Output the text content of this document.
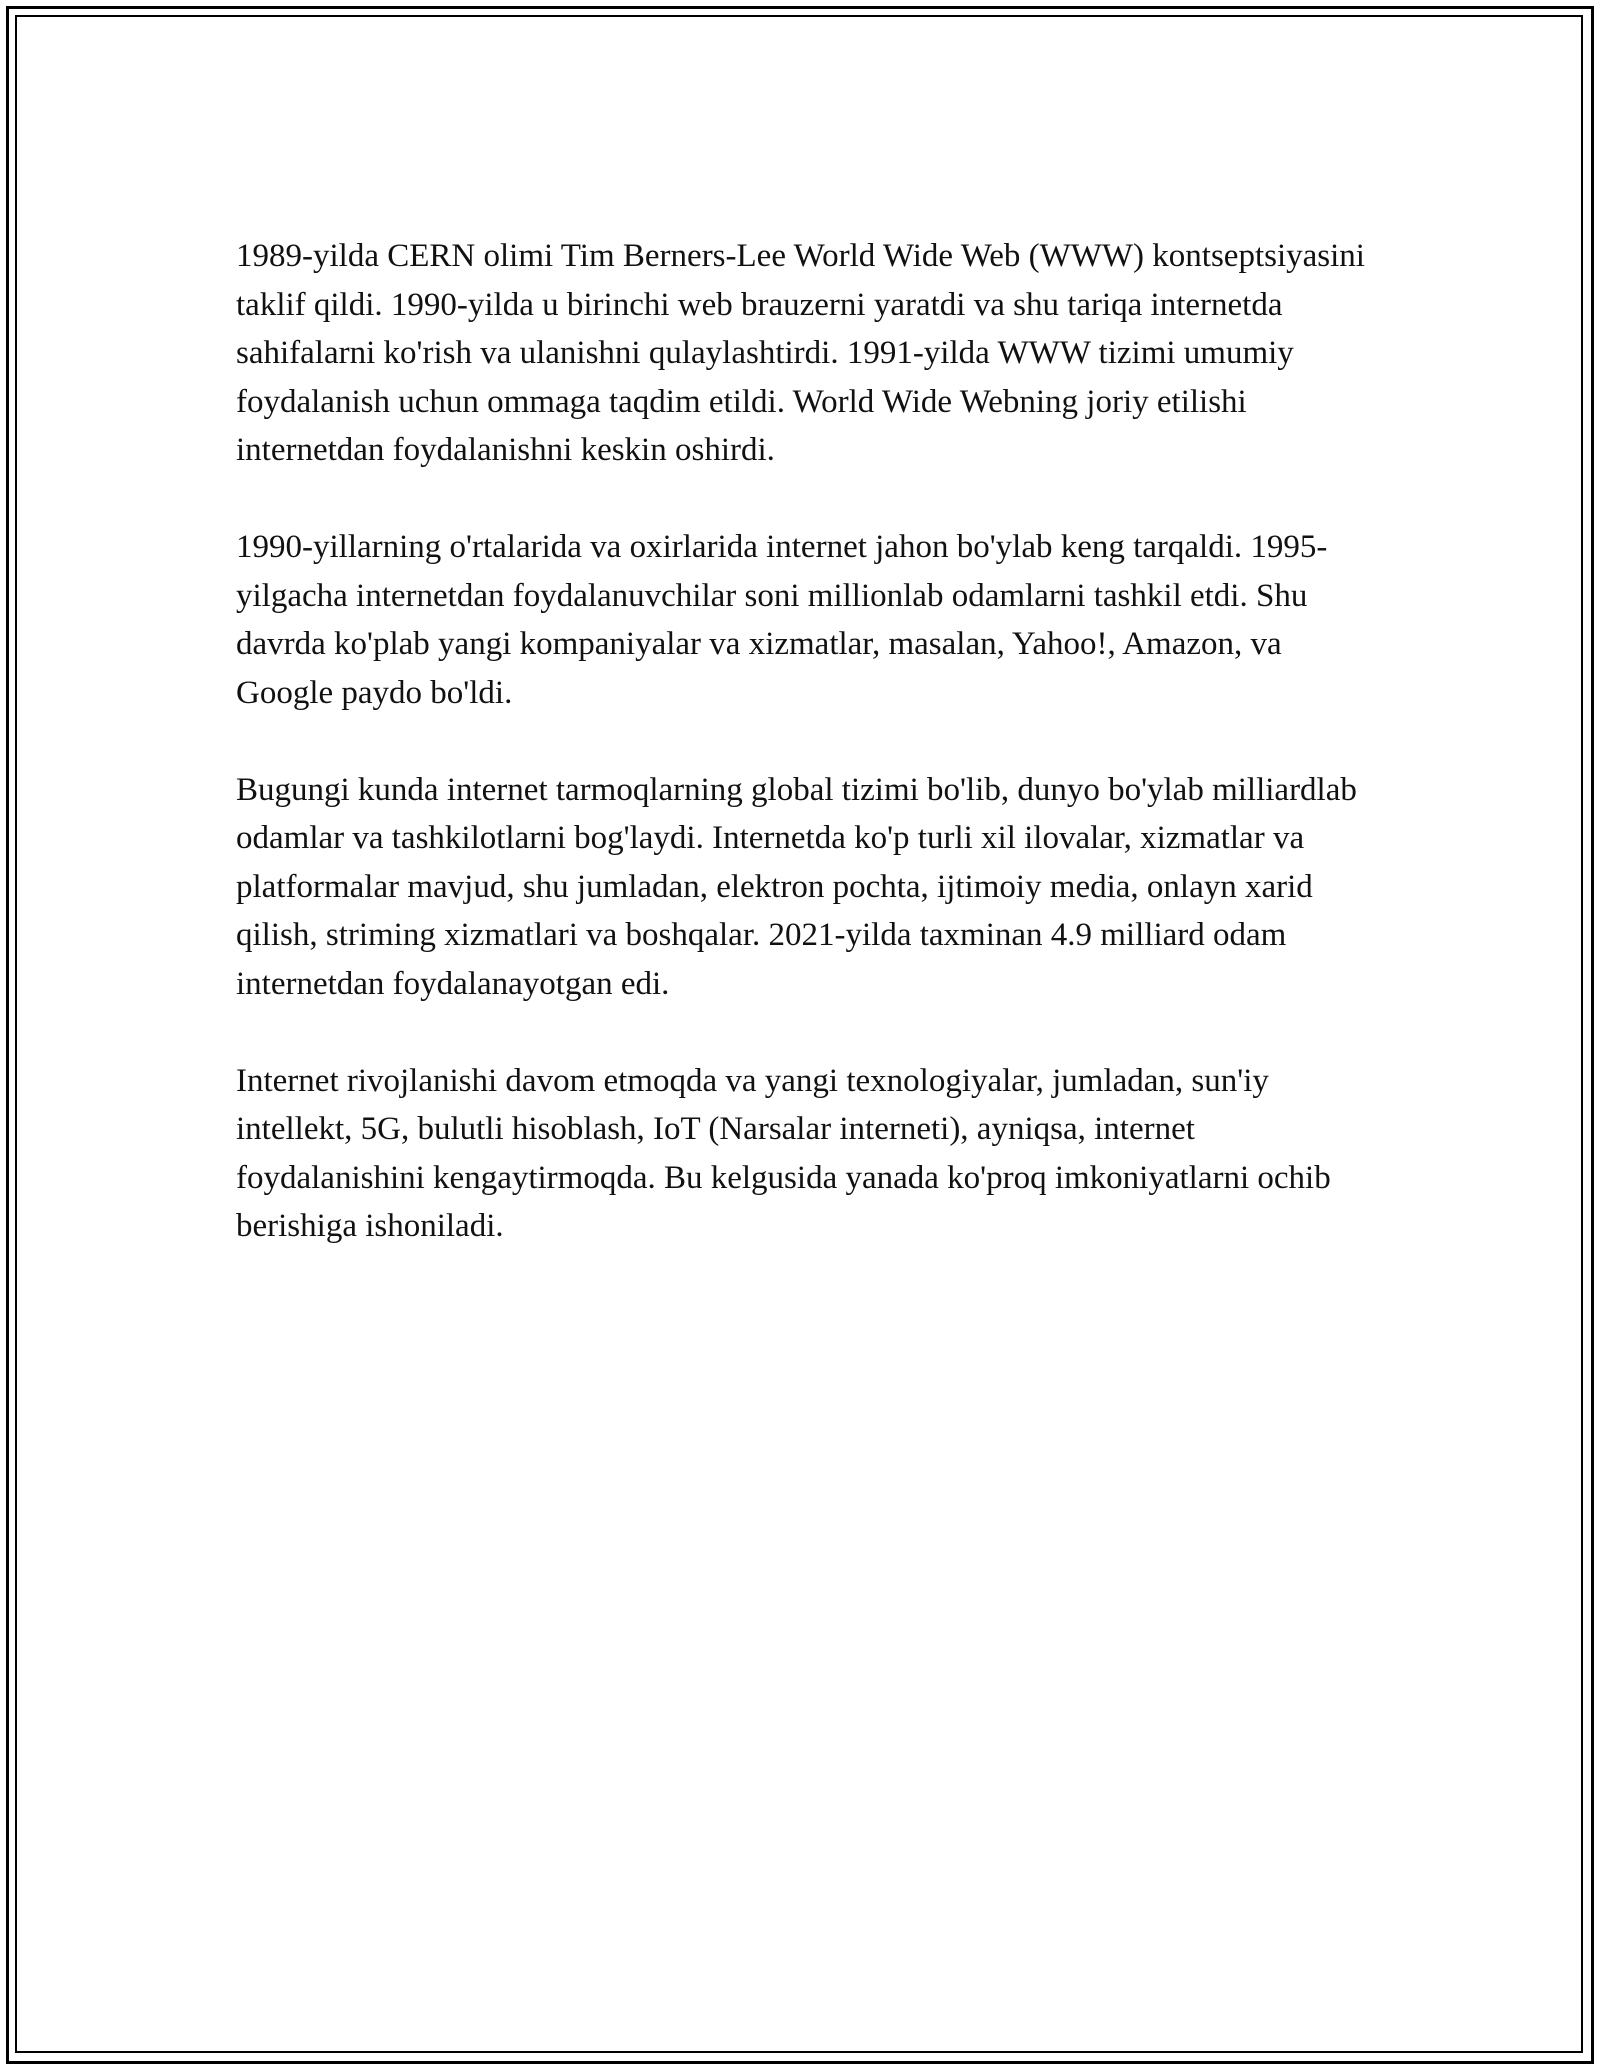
1989-yilda CERN olimi Tim Berners-Lee World Wide Web (WWW) kontseptsiyasini taklif qildi. 1990-yilda u birinchi web brauzerni yaratdi va shu tariqa internetda sahifalarni ko'rish va ulanishni qulaylashtirdi. 1991-yilda WWW tizimi umumiy foydalanish uchun ommaga taqdim etildi. World Wide Webning joriy etilishi internetdan foydalanishni keskin oshirdi.

1990-yillarning o'rtalarida va oxirlarida internet jahon bo'ylab keng tarqaldi. 1995-yilgacha internetdan foydalanuvchilar soni millionlab odamlarni tashkil etdi. Shu davrda ko'plab yangi kompaniyalar va xizmatlar, masalan, Yahoo!, Amazon, va Google paydo bo'ldi.

Bugungi kunda internet tarmoqlarning global tizimi bo'lib, dunyo bo'ylab milliardlab odamlar va tashkilotlarni bog'laydi. Internetda ko'p turli xil ilovalar, xizmatlar va platformalar mavjud, shu jumladan, elektron pochta, ijtimoiy media, onlayn xarid qilish, striming xizmatlari va boshqalar. 2021-yilda taxminan 4.9 milliard odam internetdan foydalanayotgan edi.

Internet rivojlanishi davom etmoqda va yangi texnologiyalar, jumladan, sun'iy intellekt, 5G, bulutli hisoblash, IoT (Narsalar interneti), ayniqsa, internet foydalanishini kengaytirmoqda. Bu kelgusida yanada ko'proq imkoniyatlarni ochib berishiga ishoniladi.
